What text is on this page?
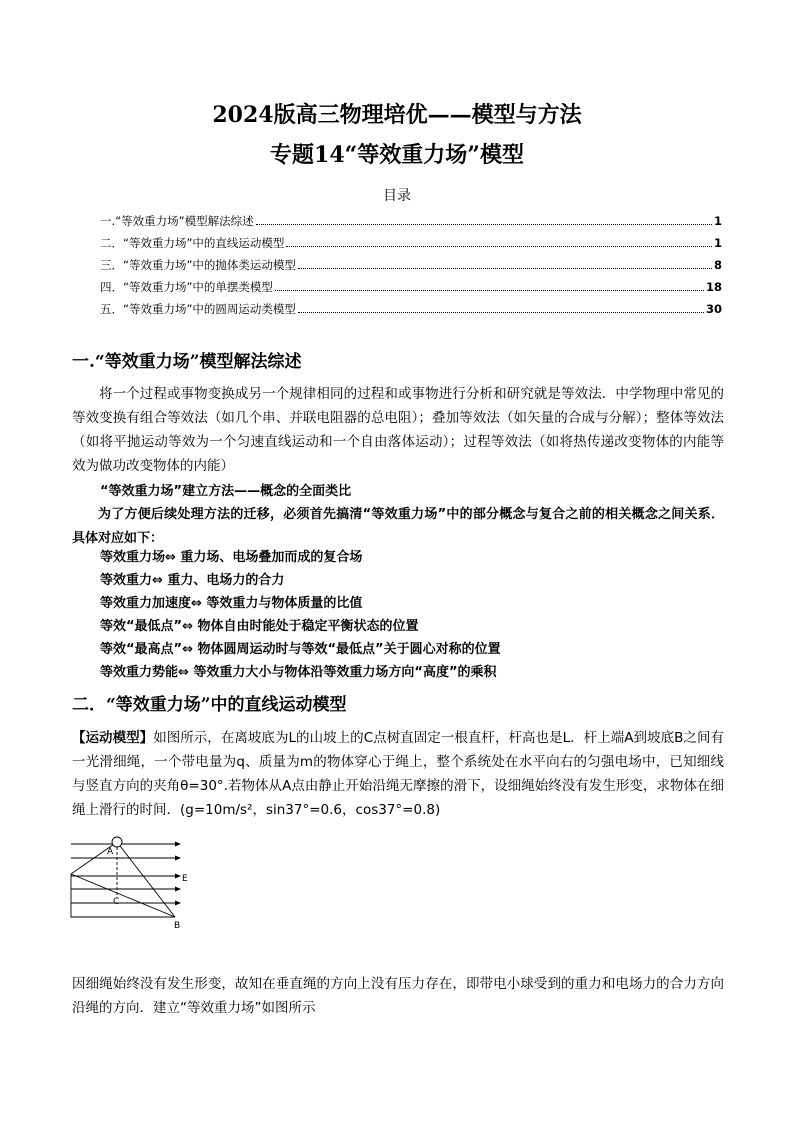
2024版高三物理培优——模型与方法
专题14“等效重力场”模型
目录
一.“等效重力场”模型解法综述	1
二．“等效重力场”中的直线运动模型	1
三．“等效重力场”中的抛体类运动模型	8
四．“等效重力场”中的单摆类模型	18
五．“等效重力场”中的圆周运动类模型	30
一.“等效重力场”模型解法综述
将一个过程或事物变换成另一个规律相同的过程和或事物进行分析和研究就是等效法．中学物理中常见的等效变换有组合等效法（如几个串、并联电阻器的总电阻）；叠加等效法（如矢量的合成与分解）；整体等效法（如将平抛运动等效为一个匀速直线运动和一个自由落体运动）；过程等效法（如将热传递改变物体的内能等效为做功改变物体的内能）
“等效重力场”建立方法——概念的全面类比
为了方便后续处理方法的迁移，必须首先搞清“等效重力场”中的部分概念与复合之前的相关概念之间关系．具体对应如下：
等效重力场⇔ 重力场、电场叠加而成的复合场
等效重力⇔ 重力、电场力的合力
等效重力加速度⇔ 等效重力与物体质量的比值
等效“最低点”⇔ 物体自由时能处于稳定平衡状态的位置
等效“最高点”⇔ 物体圆周运动时与等效“最低点”关于圆心对称的位置
等效重力势能⇔ 等效重力大小与物体沿等效重力场方向“高度”的乘积
二．“等效重力场”中的直线运动模型
【运动模型】如图所示，在离坡底为L的山坡上的C点树直固定一根直杆，杆高也是L．杆上端A到坡底B之间有一光滑细绳，一个带电量为q、质量为m的物体穿心于绳上，整个系统处在水平向右的匀强电场中，已知细线与竖直方向的夹角θ=30°.若物体从A点由静止开始沿绳无摩擦的滑下，设细绳始终没有发生形变，求物体在细绳上滑行的时间．(g=10m/s²，sin37°=0.6，cos37°=0.8)
A
C
E
B
因细绳始终没有发生形变，故知在垂直绳的方向上没有压力存在，即带电小球受到的重力和电场力的合力方向沿绳的方向．建立“等效重力场”如图所示
